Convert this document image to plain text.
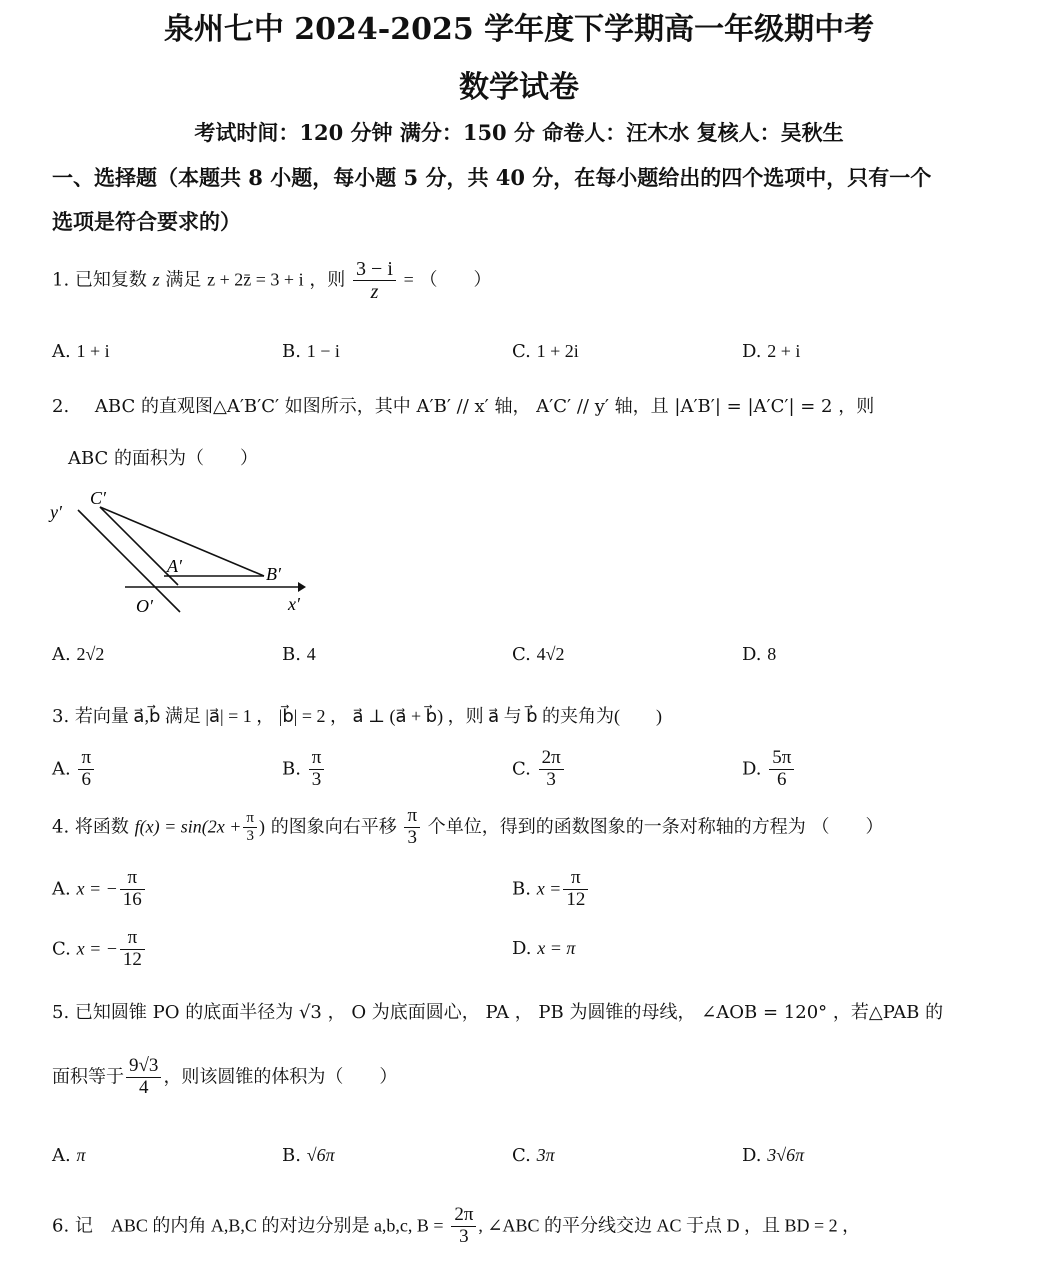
泉州七中 2024-2025 学年度下学期高一年级期中考
数学试卷
考试时间：120 分钟 满分：150 分 命卷人：汪木水 复核人：吴秋生
一、选择题（本题共 8 小题，每小题 5 分，共 40 分，在每小题给出的四个选项中，只有一个
选项是符合要求的）
1. 已知复数 z 满足 z + 2z̄ = 3 + i ，则 $\frac{3 - i}{z}$ = （　　）
A. 1 + i	B. 1 − i	C. 1 + 2i	D. 2 + i
2. ABC 的直观图△A′B′C′ 如图所示，其中 A′B′ // x′ 轴， A′C′ // y′ 轴，且 |A′B′| = |A′C′| = 2 ，则
ABC 的面积为（　　）
y′
C′
A′	B′
O′	x′
A. 2√2	B. 4	C. 4√2	D. 8
3. 若向量 a⃗,b⃗ 满足 |a⃗| = 1 ， |b⃗| = 2 ， a⃗ ⊥ (a⃗ + b⃗) ，则 a⃗ 与 b⃗ 的夹角为(　　)
A. $\frac{\pi}{6}$	B. $\frac{\pi}{3}$	C. $\frac{2\pi}{3}$	D. $\frac{5\pi}{6}$
4. 将函数 $f(x) = \sin(2x + \frac{\pi}{3}$ ) 的图象向右平移 $\frac{\pi}{3}$ 个单位，得到的函数图象的一条对称轴的方程为 （　　）
A. x = − $\frac{\pi}{16}$	B. $x = \frac{\pi}{12}$
C. x = − $\frac{\pi}{12}$	D. x = π
5. 已知圆锥 PO 的底面半径为 √3 ， O 为底面圆心， PA ， PB 为圆锥的母线， ∠AOB = 120° ，若△PAB 的
面积等于 $\frac{9√3}{4}$ ，则该圆锥的体积为（　　）
A. π	B. √6π	C. 3π	D. 3√6π
6. 记　ABC 的内角 A,B,C 的对边分别是 a,b,c, $B = \frac{2\pi}{3}$ , ∠ABC 的平分线交边 AC 于点 D ，且 BD = 2 ，
